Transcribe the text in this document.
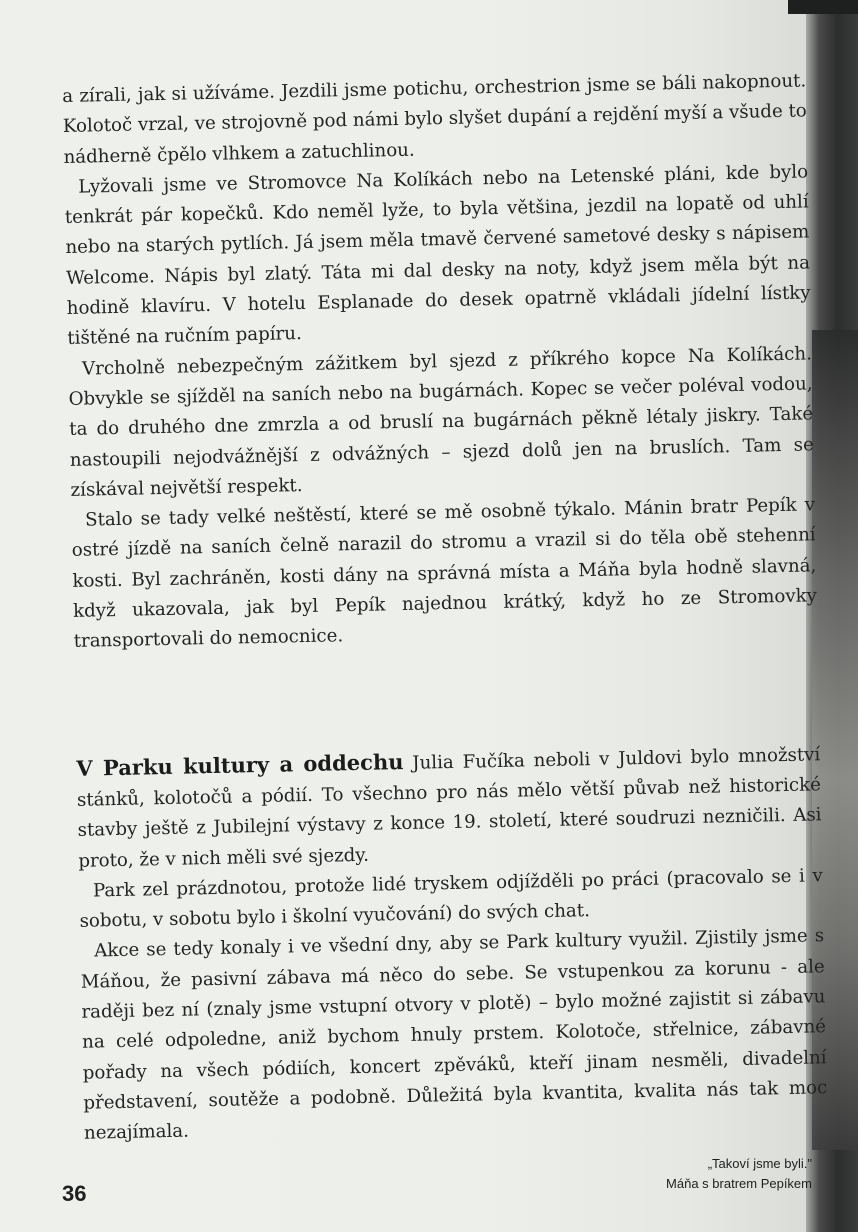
a zírali, jak si užíváme. Jezdili jsme potichu, orchestrion jsme se báli nakopnout. Kolotoč vrzal, ve strojovně pod námi bylo slyšet dupání a rejdění myší a všude to nádherně čpělo vlhkem a zatuchlinou.

Lyžovali jsme ve Stromovce Na Kolíkách nebo na Letenské pláni, kde bylo tenkrát pár kopečků. Kdo neměl lyže, to byla většina, jezdil na lopatě od uhlí nebo na starých pytlích. Já jsem měla tmavě červené sametové desky s nápisem Welcome. Nápis byl zlatý. Táta mi dal desky na noty, když jsem měla být na hodině klavíru. V hotelu Esplanade do desek opatrně vkládali jídelní lístky tištěné na ručním papíru.

Vrcholně nebezpečným zážitkem byl sjezd z příkrého kopce Na Kolíkách. Obvykle se sjížděl na saních nebo na bugárnách. Kopec se večer poléval vodou, ta do druhého dne zmrzla a od bruslí na bugárnách pěkně létaly jiskry. Také nastoupili nejodvážnější z odvážných – sjezd dolů jen na bruslích. Tam se získával největší respekt.

Stalo se tady velké neštěstí, které se mě osobně týkalo. Mánin bratr Pepík v ostré jízdě na saních čelně narazil do stromu a vrazil si do těla obě stehenní kosti. Byl zachráněn, kosti dány na správná místa a Máňa byla hodně slavná, když ukazovala, jak byl Pepík najednou krátký, když ho ze Stromovky transportovali do nemocnice.

V Parku kultury a oddechu Julia Fučíka neboli v Juldovi bylo množství stánků, kolotočů a pódií. To všechno pro nás mělo větší půvab než historické stavby ještě z Jubilejní výstavy z konce 19. století, které soudruzi nezničili. Asi proto, že v nich měli své sjezdy.

Park zel prázdnotou, protože lidé tryskem odjížděli po práci (pracovalo se i v sobotu, v sobotu bylo i školní vyučování) do svých chat.

Akce se tedy konaly i ve všední dny, aby se Park kultury využil. Zjistily jsme s Máňou, že pasivní zábava má něco do sebe. Se vstupenkou za korunu - ale raději bez ní (znaly jsme vstupní otvory v plotě) – bylo možné zajistit si zábavu na celé odpoledne, aniž bychom hnuly prstem. Kolotoče, střelnice, zábavné pořady na všech pódiích, koncert zpěváků, kteří jinam nesměli, divadelní představení, soutěže a podobně. Důležitá byla kvantita, kvalita nás tak moc nezajímala.

36
„Takoví jsme byli."
Máňa s bratrem Pepíkem
